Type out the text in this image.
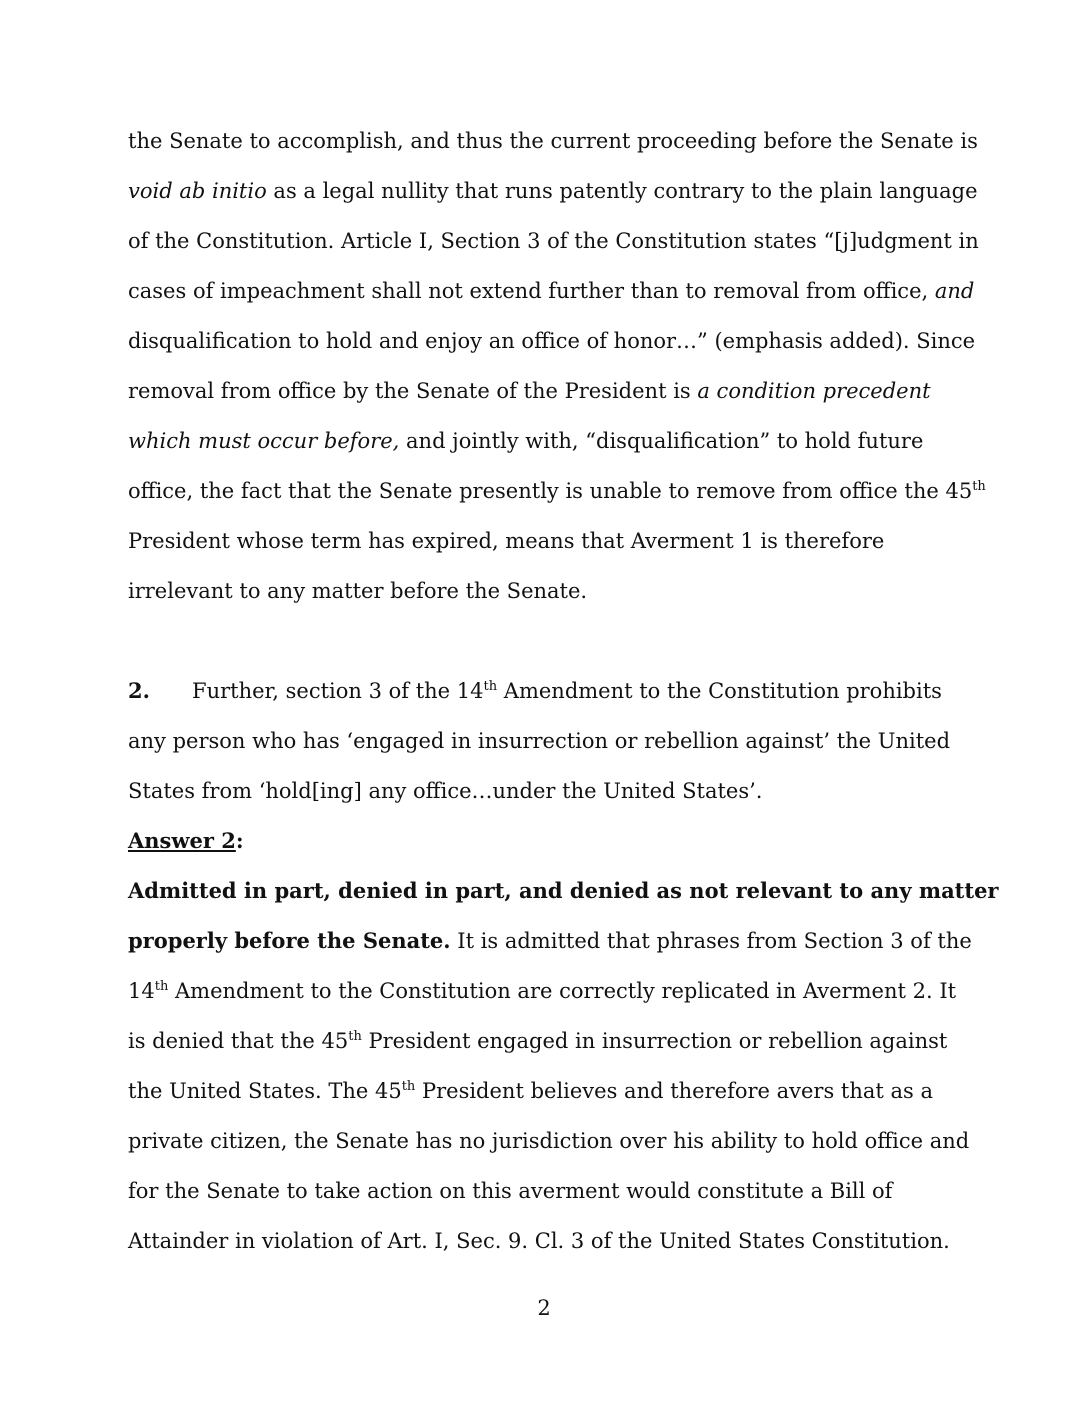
the Senate to accomplish, and thus the current proceeding before the Senate is
void ab initio as a legal nullity that runs patently contrary to the plain language
of the Constitution. Article I, Section 3 of the Constitution states “[j]udgment in
cases of impeachment shall not extend further than to removal from office, and
disqualification to hold and enjoy an office of honor…” (emphasis added). Since
removal from office by the Senate of the President is a condition precedent
which must occur before, and jointly with, “disqualification” to hold future
office, the fact that the Senate presently is unable to remove from office the 45th
President whose term has expired, means that Averment 1 is therefore
irrelevant to any matter before the Senate.
2. Further, section 3 of the 14th Amendment to the Constitution prohibits
any person who has ‘engaged in insurrection or rebellion against’ the United
States from ‘hold[ing] any office…under the United States’.
Answer 2:
Admitted in part, denied in part, and denied as not relevant to any matter
properly before the Senate. It is admitted that phrases from Section 3 of the
14th Amendment to the Constitution are correctly replicated in Averment 2. It
is denied that the 45th President engaged in insurrection or rebellion against
the United States. The 45th President believes and therefore avers that as a
private citizen, the Senate has no jurisdiction over his ability to hold office and
for the Senate to take action on this averment would constitute a Bill of
Attainder in violation of Art. I, Sec. 9. Cl. 3 of the United States Constitution.
2
